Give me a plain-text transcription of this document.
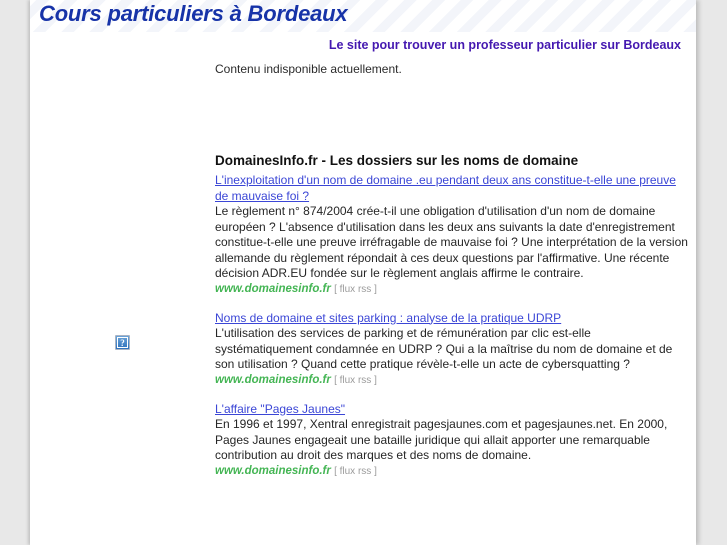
Cours particuliers à Bordeaux
Le site pour trouver un professeur particulier sur Bordeaux
?

Contenu indisponible actuellement.

DomainesInfo.fr - Les dossiers sur les noms de domaine
L'inexploitation d'un nom de domaine .eu pendant deux ans constitue-t-elle une preuve de mauvaise foi ?

Le règlement n° 874/2004 crée-t-il une obligation d'utilisation d'un nom de domaine européen ? L'absence d'utilisation dans les deux ans suivants la date d'enregistrement constitue-t-elle une preuve irréfragable de mauvaise foi ? Une interprétation de la version allemande du règlement répondait à ces deux questions par l'affirmative. Une récente décision ADR.EU fondée sur le règlement anglais affirme le contraire.

www.domainesinfo.fr [ flux rss ]

Noms de domaine et sites parking : analyse de la pratique UDRP

L'utilisation des services de parking et de rémunération par clic est-elle systématiquement condamnée en UDRP ? Qui a la maîtrise du nom de domaine et de son utilisation ? Quand cette pratique révèle-t-elle un acte de cybersquatting ?

www.domainesinfo.fr [ flux rss ]

L'affaire "Pages Jaunes"

En 1996 et 1997, Xentral enregistrait pagesjaunes.com et pagesjaunes.net. En 2000, Pages Jaunes engageait une bataille juridique qui allait apporter une remarquable contribution au droit des marques et des noms de domaine.

www.domainesinfo.fr [ flux rss ]
